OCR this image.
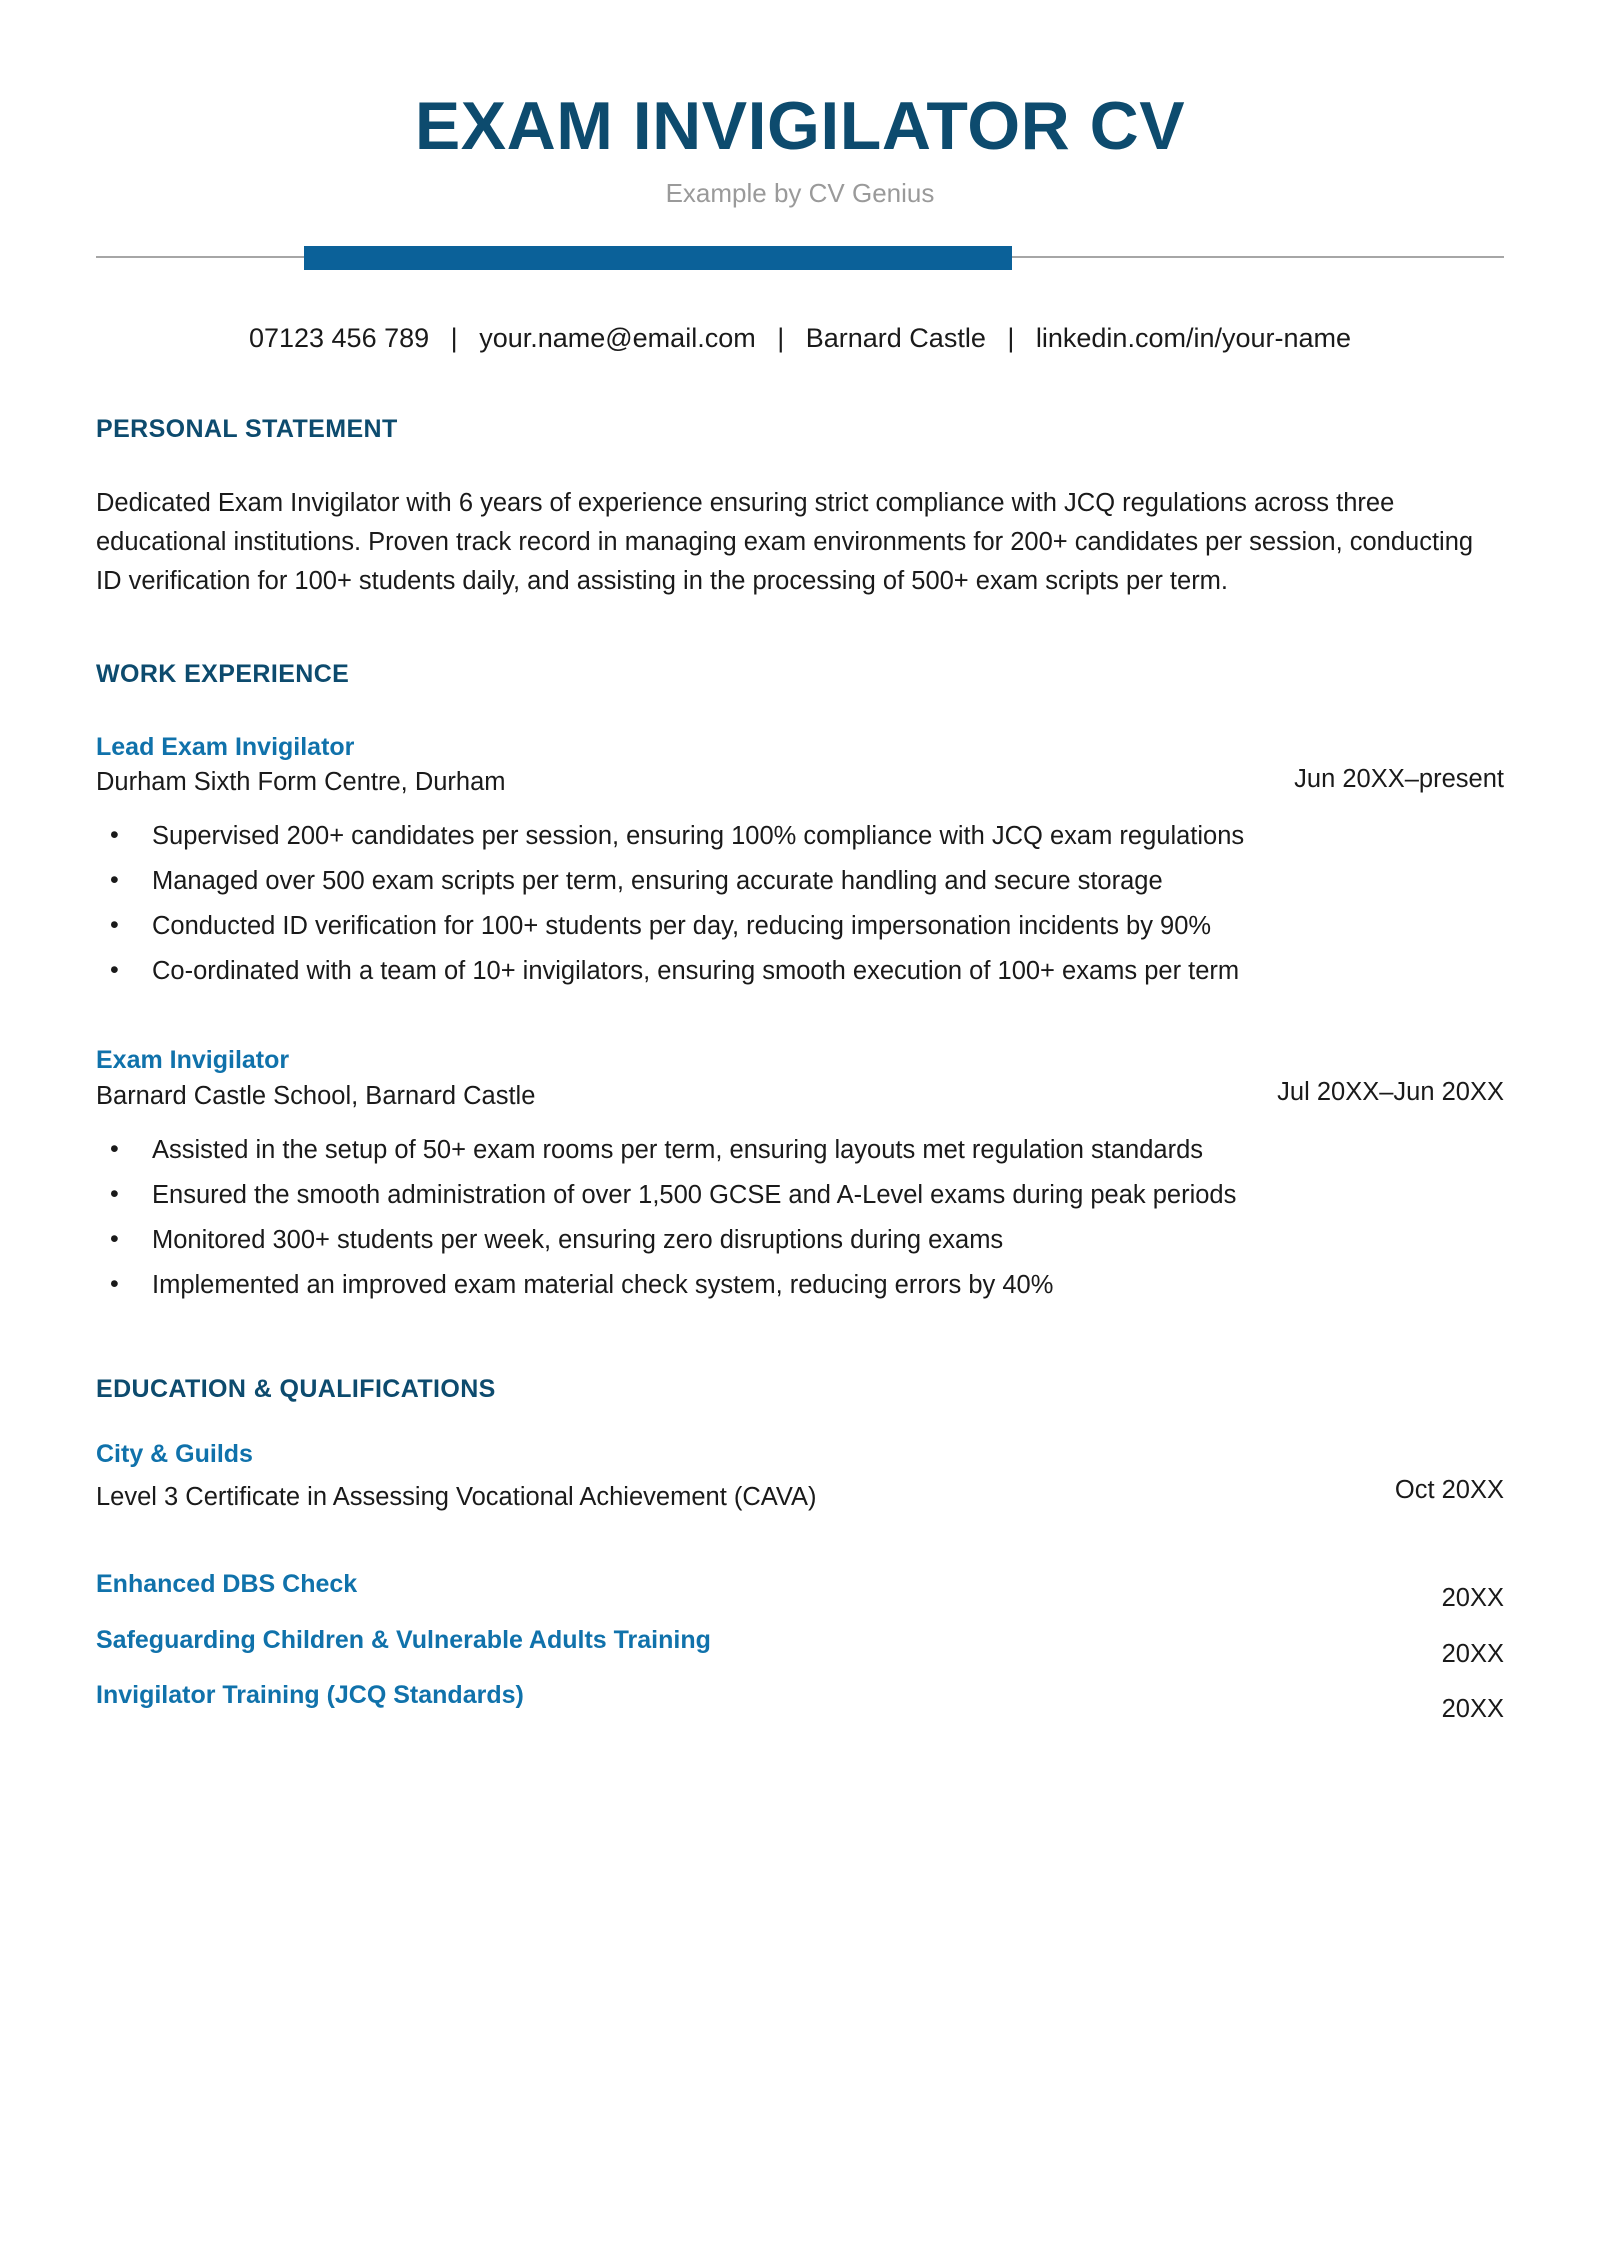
EXAM INVIGILATOR CV
Example by CV Genius
07123 456 789 | your.name@email.com | Barnard Castle | linkedin.com/in/your-name
PERSONAL STATEMENT
Dedicated Exam Invigilator with 6 years of experience ensuring strict compliance with JCQ regulations across three educational institutions. Proven track record in managing exam environments for 200+ candidates per session, conducting ID verification for 100+ students daily, and assisting in the processing of 500+ exam scripts per term.
WORK EXPERIENCE
Lead Exam Invigilator
Durham Sixth Form Centre, Durham	Jun 20XX–present
• Supervised 200+ candidates per session, ensuring 100% compliance with JCQ exam regulations
• Managed over 500 exam scripts per term, ensuring accurate handling and secure storage
• Conducted ID verification for 100+ students per day, reducing impersonation incidents by 90%
• Co-ordinated with a team of 10+ invigilators, ensuring smooth execution of 100+ exams per term
Exam Invigilator
Barnard Castle School, Barnard Castle	Jul 20XX–Jun 20XX
• Assisted in the setup of 50+ exam rooms per term, ensuring layouts met regulation standards
• Ensured the smooth administration of over 1,500 GCSE and A-Level exams during peak periods
• Monitored 300+ students per week, ensuring zero disruptions during exams
• Implemented an improved exam material check system, reducing errors by 40%
EDUCATION & QUALIFICATIONS
City & Guilds
Level 3 Certificate in Assessing Vocational Achievement (CAVA)	Oct 20XX
Enhanced DBS Check	20XX
Safeguarding Children & Vulnerable Adults Training	20XX
Invigilator Training (JCQ Standards)	20XX
